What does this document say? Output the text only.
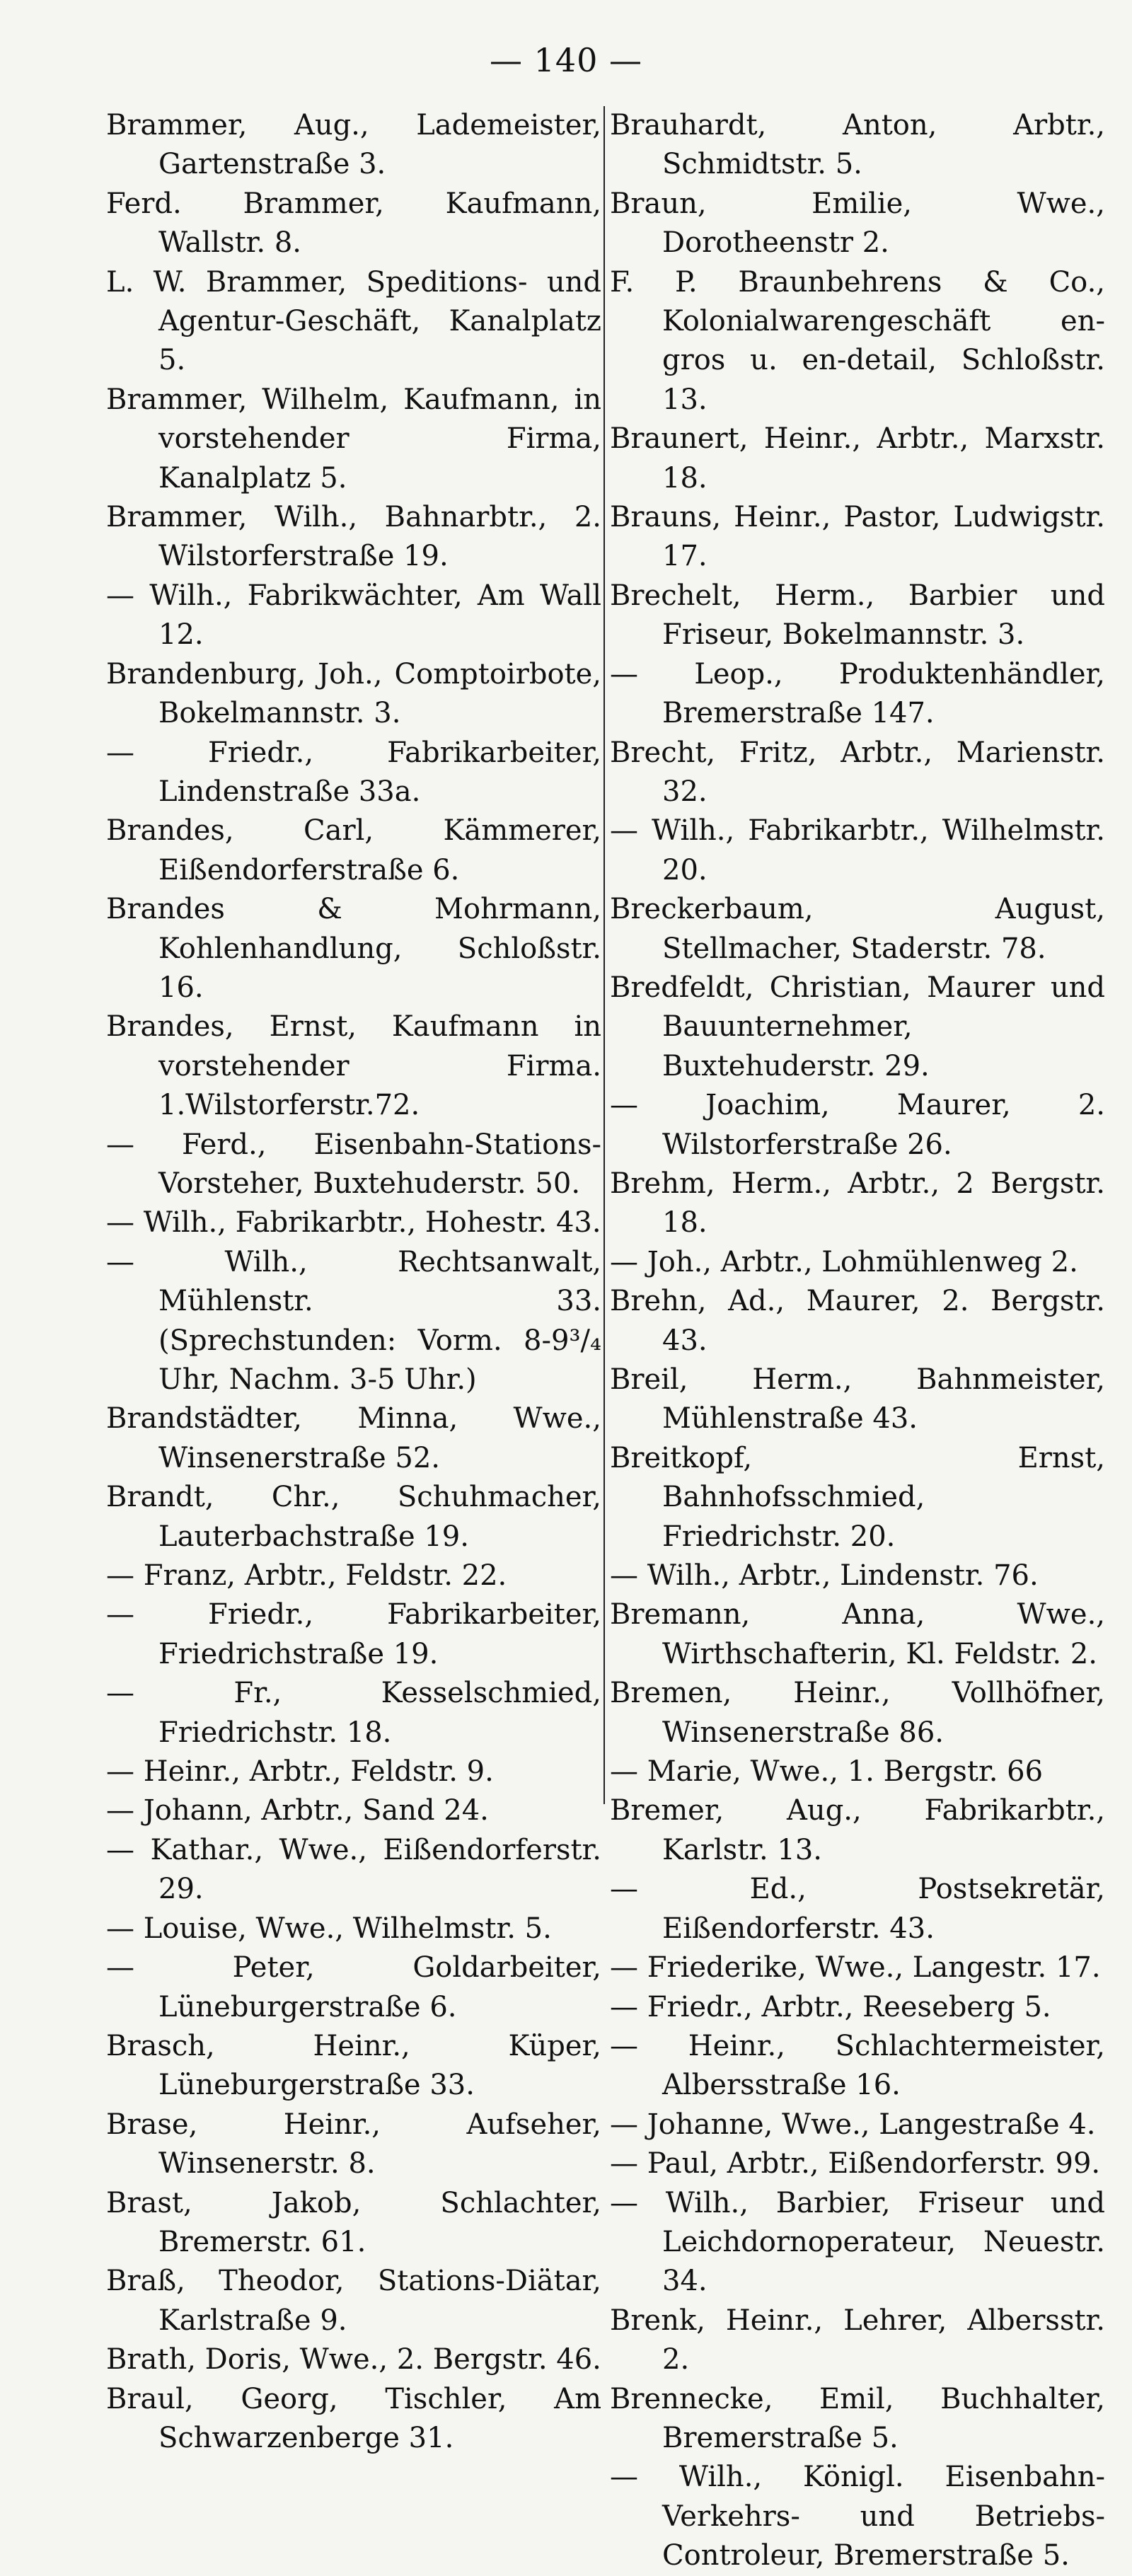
— 140 —

Brammer, Aug., Lademeister, Gartenstraße 3.

Ferd. Brammer, Kaufmann, Wallstr. 8.

L. W. Brammer, Speditions- und Agentur-Geschäft, Kanalplatz 5.

Brammer, Wilhelm, Kaufmann, in vorstehender Firma, Kanalplatz 5.

Brammer, Wilh., Bahnarbtr., 2. Wilstorferstraße 19.

— Wilh., Fabrikwächter, Am Wall 12.

Brandenburg, Joh., Comptoirbote, Bokelmannstr. 3.

— Friedr., Fabrikarbeiter, Lindenstraße 33a.

Brandes, Carl, Kämmerer, Eißendorferstraße 6.

Brandes & Mohrmann, Kohlenhandlung, Schloßstr. 16.

Brandes, Ernst, Kaufmann in vorstehender Firma. 1.Wilstorferstr.72.

— Ferd., Eisenbahn-Stations-Vorsteher, Buxtehuderstr. 50.

— Wilh., Fabrikarbtr., Hohestr. 43.

— Wilh., Rechtsanwalt, Mühlenstr. 33. (Sprechstunden: Vorm. 8-9³/₄ Uhr, Nachm. 3-5 Uhr.)

Brandstädter, Minna, Wwe., Winsenerstraße 52.

Brandt, Chr., Schuhmacher, Lauterbachstraße 19.

— Franz, Arbtr., Feldstr. 22.

— Friedr., Fabrikarbeiter, Friedrichstraße 19.

— Fr., Kesselschmied, Friedrichstr. 18.

— Heinr., Arbtr., Feldstr. 9.

— Johann, Arbtr., Sand 24.

— Kathar., Wwe., Eißendorferstr. 29.

— Louise, Wwe., Wilhelmstr. 5.

— Peter, Goldarbeiter, Lüneburgerstraße 6.

Brasch, Heinr., Küper, Lüneburgerstraße 33.

Brase, Heinr., Aufseher, Winsenerstr. 8.

Brast, Jakob, Schlachter, Bremerstr. 61.

Braß, Theodor, Stations-Diätar, Karlstraße 9.

Brath, Doris, Wwe., 2. Bergstr. 46.

Braul, Georg, Tischler, Am Schwarzenberge 31.

Brauhardt, Anton, Arbtr., Schmidtstr. 5.

Braun, Emilie, Wwe., Dorotheenstr 2.

F. P. Braunbehrens & Co., Kolonialwarengeschäft en-gros u. en-detail, Schloßstr. 13.

Braunert, Heinr., Arbtr., Marxstr. 18.

Brauns, Heinr., Pastor, Ludwigstr. 17.

Brechelt, Herm., Barbier und Friseur, Bokelmannstr. 3.

— Leop., Produktenhändler, Bremerstraße 147.

Brecht, Fritz, Arbtr., Marienstr. 32.

— Wilh., Fabrikarbtr., Wilhelmstr. 20.

Breckerbaum, August, Stellmacher, Staderstr. 78.

Bredfeldt, Christian, Maurer und Bauunternehmer, Buxtehuderstr. 29.

— Joachim, Maurer, 2. Wilstorferstraße 26.

Brehm, Herm., Arbtr., 2 Bergstr. 18.

— Joh., Arbtr., Lohmühlenweg 2.

Brehn, Ad., Maurer, 2. Bergstr. 43.

Breil, Herm., Bahnmeister, Mühlenstraße 43.

Breitkopf, Ernst, Bahnhofsschmied, Friedrichstr. 20.

— Wilh., Arbtr., Lindenstr. 76.

Bremann, Anna, Wwe., Wirthschafterin, Kl. Feldstr. 2.

Bremen, Heinr., Vollhöfner, Winsenerstraße 86.

— Marie, Wwe., 1. Bergstr. 66

Bremer, Aug., Fabrikarbtr., Karlstr. 13.

— Ed., Postsekretär, Eißendorferstr. 43.

— Friederike, Wwe., Langestr. 17.

— Friedr., Arbtr., Reeseberg 5.

— Heinr., Schlachtermeister, Albersstraße 16.

— Johanne, Wwe., Langestraße 4.

— Paul, Arbtr., Eißendorferstr. 99.

— Wilh., Barbier, Friseur und Leichdornoperateur, Neuestr. 34.

Brenk, Heinr., Lehrer, Albersstr. 2.

Brennecke, Emil, Buchhalter, Bremerstraße 5.

— Wilh., Königl. Eisenbahn-Verkehrs- und Betriebs-Controleur, Bremerstraße 5.
